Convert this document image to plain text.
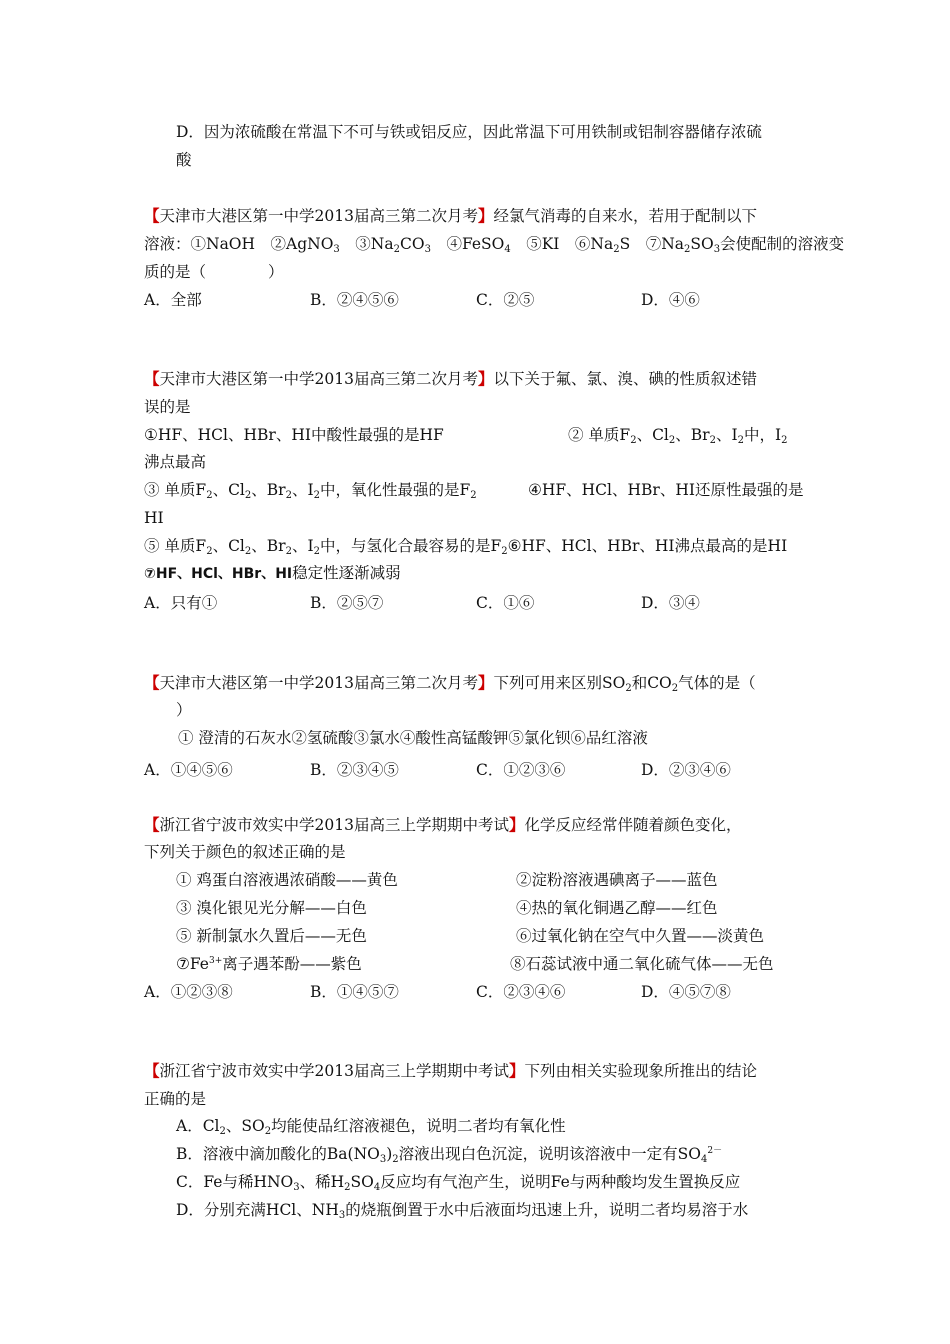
D．因为浓硫酸在常温下不可与铁或铝反应，因此常温下可用铁制或铝制容器储存浓硫
酸
【天津市大港区第一中学2013届高三第二次月考】经氯气消毒的自来水，若用于配制以下
溶液：①NaOH　②AgNO$_3$　$③Na_2CO_3$　④FeSO$_4$　⑤KI　$⑥Na_2S$　$⑦Na_2SO_3$会使配制的溶液变
质的是（　　　　）
A．全部	B．②④⑤⑥	C．②⑤	D．④⑥
【天津市大港区第一中学2013届高三第二次月考】以下关于氟、氯、溴、碘的性质叙述错
误的是
①HF、HCl、HBr、HI中酸性最强的是HF	② 单质$F_2$、$Cl_2$、$Br_2$、$I_2$中，$I_2$
沸点最高
③ 单质$F_2$、$Cl_2$、$Br_2$、$I_2$中，氧化性最强的是$F_2$	④HF、HCl、HBr、HI还原性最强的是
HI
⑤ 单质$F_2$、$Cl_2$、$Br_2$、$I_2$中，与氢化合最容易的是$F_2⑥HF$、HCl、HBr、HI沸点最高的是HI
⑦HF、HCl、HBr、HI稳定性逐渐减弱
A．只有①	B．②⑤⑦	C．①⑥	D．③④
【天津市大港区第一中学2013届高三第二次月考】下列可用来区别$SO_2$和$CO_2$气体的是（
）
① 澄清的石灰水②氢硫酸③氯水④酸性高锰酸钾⑤氯化钡⑥品红溶液
A．①④⑤⑥	B．②③④⑤	C．①②③⑥	D．②③④⑥
【浙江省宁波市效实中学2013届高三上学期期中考试】化学反应经常伴随着颜色变化，
下列关于颜色的叙述正确的是
① 鸡蛋白溶液遇浓硝酸——黄色	②淀粉溶液遇碘离子——蓝色
③ 溴化银见光分解——白色	④热的氧化铜遇乙醇——红色
⑤ 新制氯水久置后——无色	⑥过氧化钠在空气中久置——淡黄色
$⑦Fe^{3+}$离子遇苯酚——紫色	⑧石蕊试液中通二氧化硫气体——无色
A．①②③⑧	B．①④⑤⑦	C．②③④⑥	D．④⑤⑦⑧
【浙江省宁波市效实中学2013届高三上学期期中考试】下列由相关实验现象所推出的结论
正确的是
A．$Cl_2$、$SO_2$均能使品红溶液褪色，说明二者均有氧化性
B．溶液中滴加酸化的$Ba(NO_3)_2$溶液出现白色沉淀，说明该溶液中一定有$SO_4^{2-}$
C．Fe与稀$HNO_3$、稀$H_2SO_4$反应均有气泡产生，说明Fe与两种酸均发生置换反应
D．分别充满HCl、$NH_3$的烧瓶倒置于水中后液面均迅速上升，说明二者均易溶于水
